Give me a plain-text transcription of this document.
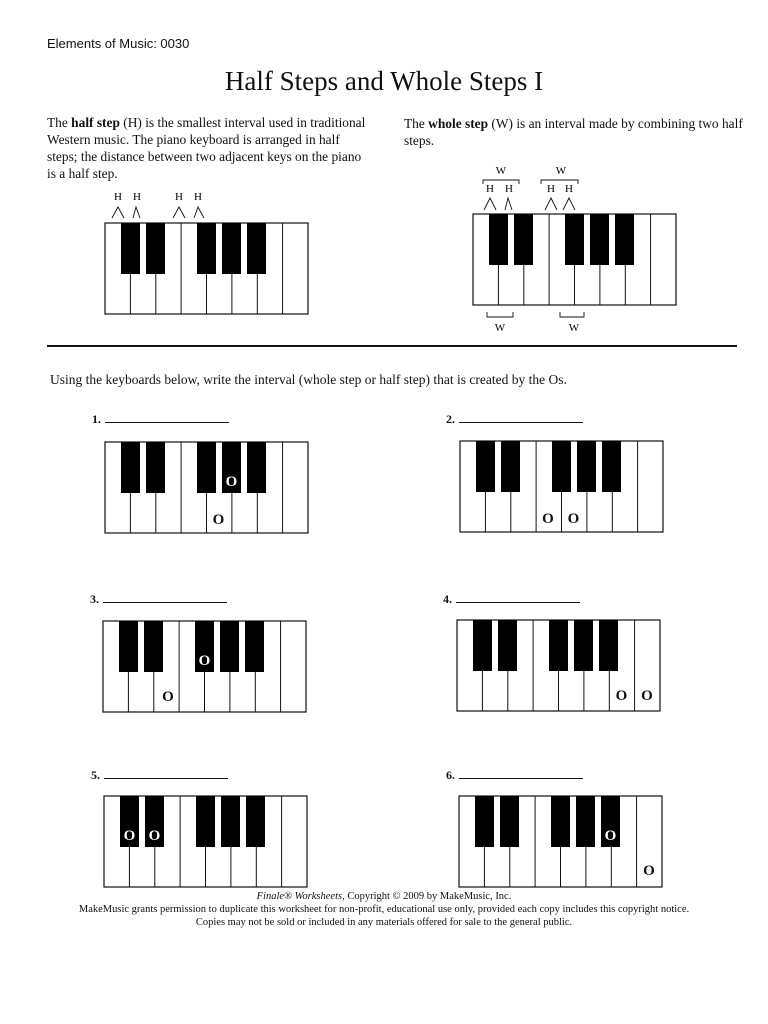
Elements of Music: 0030
Half Steps and Whole Steps I
The half step (H) is the smallest interval used in traditional Western music. The piano keyboard is arranged in half steps; the distance between two adjacent keys on the piano is a half step.
The whole step (W) is an interval made by combining two half steps.
H H	H H
W	W
H H	H H
W	W
Using the keyboards below, write the interval (whole step or half step) that is created by the Os.
1.
O
O
2.
O O
3.
O
O
4.
O O
5.
O O
6.
O
O
Finale® Worksheets, Copyright © 2009 by MakeMusic, Inc.
MakeMusic grants permission to duplicate this worksheet for non-profit, educational use only, provided each copy includes this copyright notice.
Copies may not be sold or included in any materials offered for sale to the general public.
